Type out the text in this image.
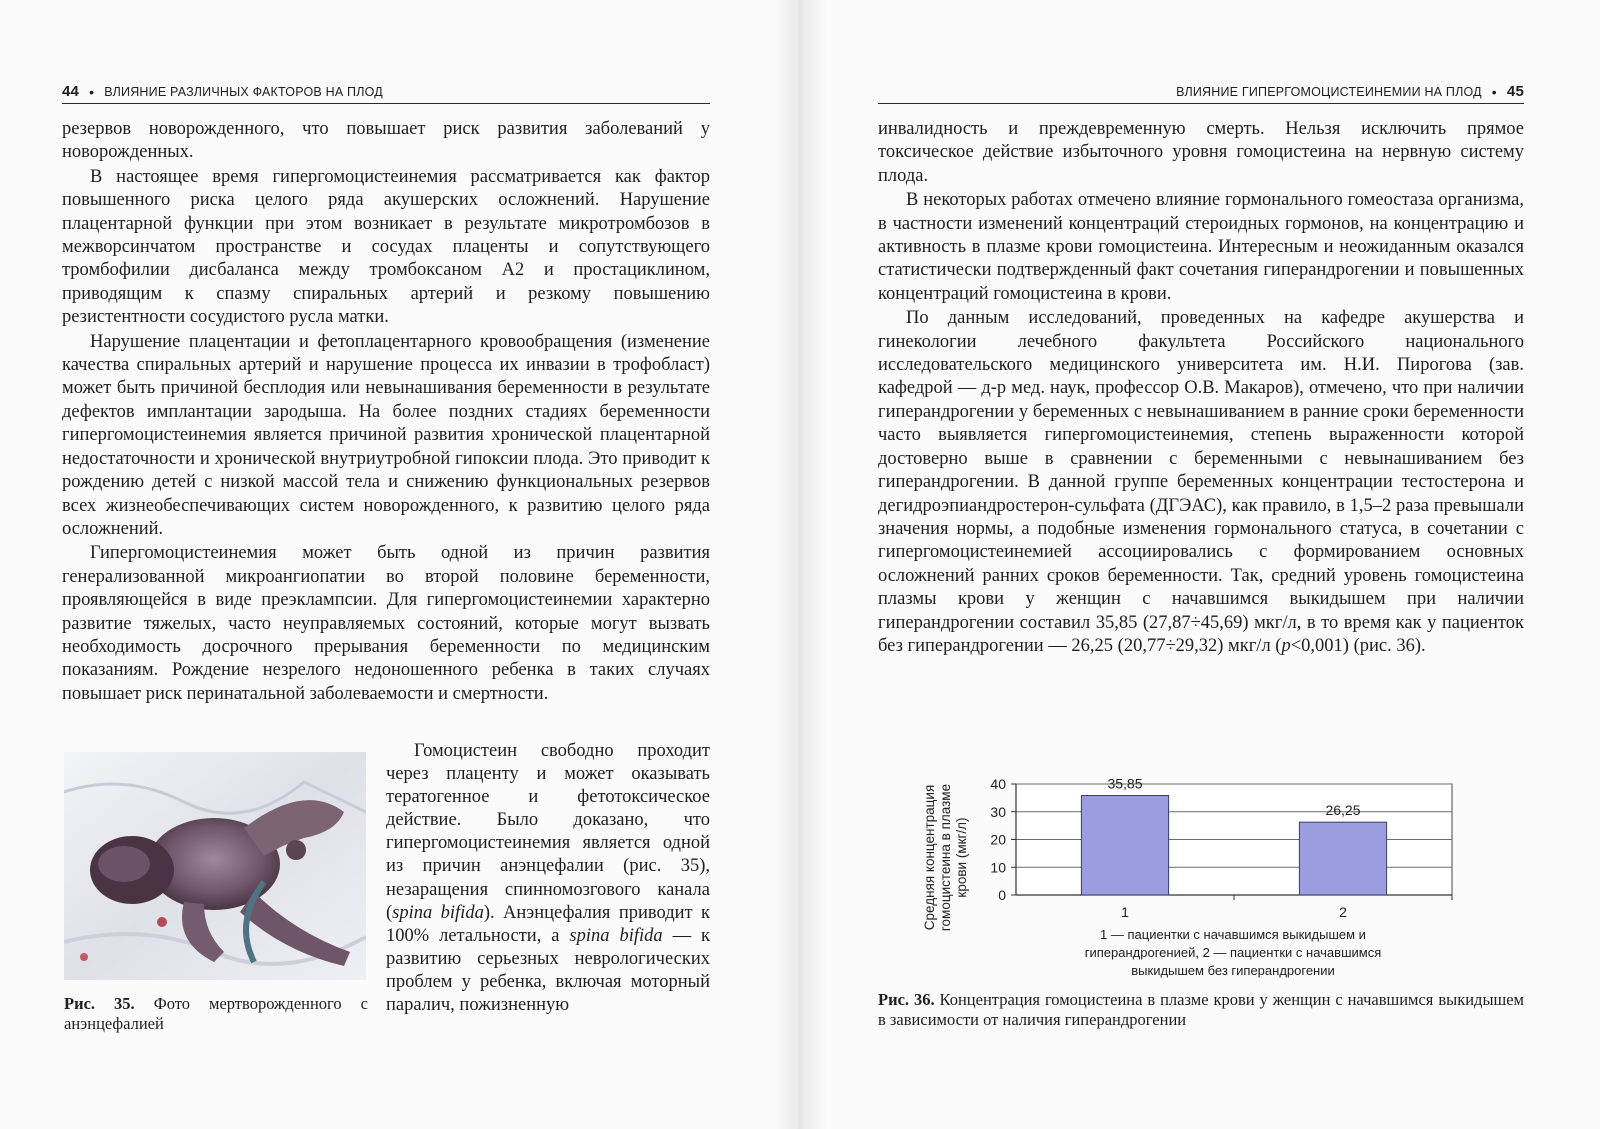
44 • ВЛИЯНИЕ РАЗЛИЧНЫХ ФАКТОРОВ НА ПЛОД

резервов новорожденного, что повышает риск развития заболеваний у новорожденных.

В настоящее время гипергомоцистеинемия рассматривается как фактор повышенного риска целого ряда акушерских осложнений. Нарушение плацентарной функции при этом возникает в результате микротромбозов в межворсинчатом пространстве и сосудах плаценты и сопутствующего тромбофилии дисбаланса между тромбоксаном А2 и простациклином, приводящим к спазму спиральных артерий и резкому повышению резистентности сосудистого русла матки.

Нарушение плацентации и фетоплацентарного кровообращения (изменение качества спиральных артерий и нарушение процесса их инвазии в трофобласт) может быть причиной бесплодия или невынашивания беременности в результате дефектов имплантации зародыша. На более поздних стадиях беременности гипергомоцистеинемия является причиной развития хронической плацентарной недостаточности и хронической внутриутробной гипоксии плода. Это приводит к рождению детей с низкой массой тела и снижению функциональных резервов всех жизнеобеспечивающих систем новорожденного, к развитию целого ряда осложнений.

Гипергомоцистеинемия может быть одной из причин развития генерализованной микроангиопатии во второй половине беременности, проявляющейся в виде преэклампсии. Для гипергомоцистеинемии характерно развитие тяжелых, часто неуправляемых состояний, которые могут вызвать необходимость досрочного прерывания беременности по медицинским показаниям. Рождение незрелого недоношенного ребенка в таких случаях повышает риск перинатальной заболеваемости и смертности.

Рис. 35. Фото мертворожденного с анэнцефалией

Гомоцистеин свободно проходит через плаценту и может оказывать тератогенное и фетотоксическое действие. Было доказано, что гипергомоцистеинемия является одной из причин анэнцефалии (рис. 35), незаращения спинномозгового канала (spina bifida). Анэнцефалия приводит к 100% летальности, а spina bifida — к развитию серьезных неврологических проблем у ребенка, включая моторный паралич, пожизненную

ВЛИЯНИЕ ГИПЕРГОМОЦИСТЕИНЕМИИ НА ПЛОД • 45

инвалидность и преждевременную смерть. Нельзя исключить прямое токсическое действие избыточного уровня гомоцистеина на нервную систему плода.

В некоторых работах отмечено влияние гормонального гомеостаза организма, в частности изменений концентраций стероидных гормонов, на концентрацию и активность в плазме крови гомоцистеина. Интересным и неожиданным оказался статистически подтвержденный факт сочетания гиперандрогении и повышенных концентраций гомоцистеина в крови.

По данным исследований, проведенных на кафедре акушерства и гинекологии лечебного факультета Российского национального исследовательского медицинского университета им. Н.И. Пирогова (зав. кафедрой — д-р мед. наук, профессор О.В. Макаров), отмечено, что при наличии гиперандрогении у беременных с невынашиванием в ранние сроки беременности часто выявляется гипергомоцистеинемия, степень выраженности которой достоверно выше в сравнении с беременными с невынашиванием без гиперандрогении. В данной группе беременных концентрации тестостерона и дегидроэпиандростерон-сульфата (ДГЭАС), как правило, в 1,5–2 раза превышали значения нормы, а подобные изменения гормонального статуса, в сочетании с гипергомоцистеинемией ассоциировались с формированием основных осложнений ранних сроков беременности. Так, средний уровень гомоцистеина плазмы крови у женщин с начавшимся выкидышем при наличии гиперандрогении составил 35,85 (27,87÷45,69) мкг/л, в то время как у пациенток без гиперандрогении — 26,25 (20,77÷29,32) мкг/л (p<0,001) (рис. 36).

0
10
20
30
40	35,85
1
26,25
2
Средняя концентрациягомоцистеина в плазмекрови (мкг/л)
1 — пациентки с начавшимся выкидышем и гиперандрогенией, 2 — пациентки с начавшимся выкидышем без гиперандрогении
Рис. 36. Концентрация гомоцистеина в плазме крови у женщин с начавшимся выкидышем в зависимости от наличия гиперандрогении
